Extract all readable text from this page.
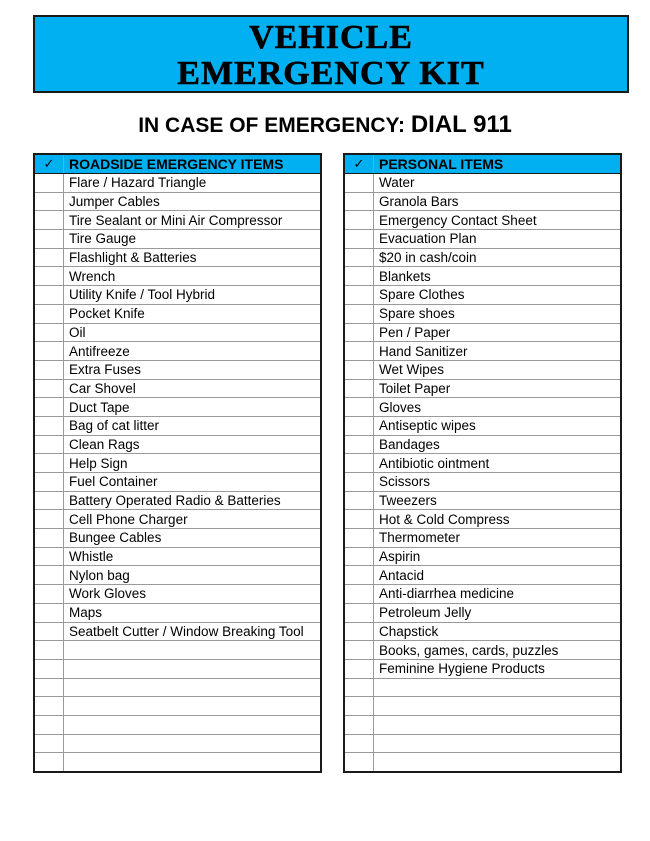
VEHICLE
EMERGENCY KIT
IN CASE OF EMERGENCY: DIAL 911
✓	ROADSIDE EMERGENCY ITEMS
	Flare / Hazard Triangle
	Jumper Cables
	Tire Sealant or Mini Air Compressor
	Tire Gauge
	Flashlight & Batteries
	Wrench
	Utility Knife / Tool Hybrid
	Pocket Knife
	Oil
	Antifreeze
	Extra Fuses
	Car Shovel
	Duct Tape
	Bag of cat litter
	Clean Rags
	Help Sign
	Fuel Container
	Battery Operated Radio & Batteries
	Cell Phone Charger
	Bungee Cables
	Whistle
	Nylon bag
	Work Gloves
	Maps
	Seatbelt Cutter / Window Breaking Tool

✓	PERSONAL ITEMS
	Water
	Granola Bars
	Emergency Contact Sheet
	Evacuation Plan
	$20 in cash/coin
	Blankets
	Spare Clothes
	Spare shoes
	Pen / Paper
	Hand Sanitizer
	Wet Wipes
	Toilet Paper
	Gloves
	Antiseptic wipes
	Bandages
	Antibiotic ointment
	Scissors
	Tweezers
	Hot & Cold Compress
	Thermometer
	Aspirin
	Antacid
	Anti-diarrhea medicine
	Petroleum Jelly
	Chapstick
	Books, games, cards, puzzles
	Feminine Hygiene Products
